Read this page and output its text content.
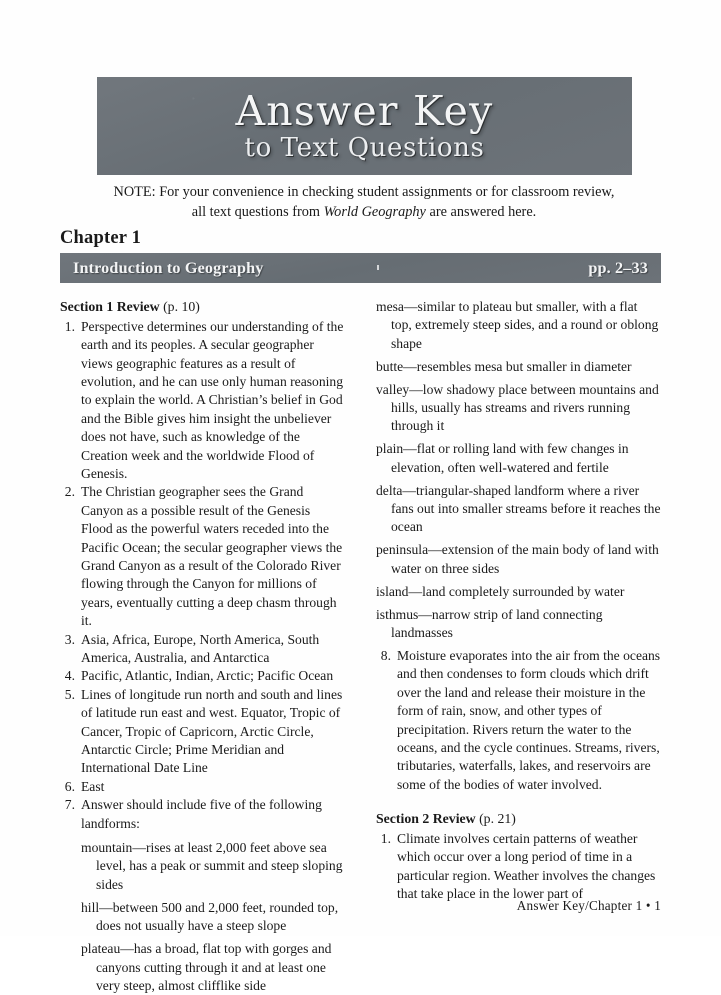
Answer Key
to Text Questions
NOTE: For your convenience in checking student assignments or for classroom review,
all text questions from World Geography are answered here.
Chapter 1
Introduction to Geography	pp. 2–33

Section 1 Review (p. 10)

1. Perspective determines our understanding of the earth and its peoples. A secular geographer views geographic features as a result of evolution, and he can use only human reasoning to explain the world. A Christian’s belief in God and the Bible gives him insight the unbeliever does not have, such as knowledge of the Creation week and the worldwide Flood of Genesis.
2. The Christian geographer sees the Grand Canyon as a possible result of the Genesis Flood as the powerful waters receded into the Pacific Ocean; the secular geographer views the Grand Canyon as a result of the Colorado River flowing through the Canyon for millions of years, eventually cutting a deep chasm through it.
3. Asia, Africa, Europe, North America, South America, Australia, and Antarctica
4. Pacific, Atlantic, Indian, Arctic; Pacific Ocean
5. Lines of longitude run north and south and lines of latitude run east and west. Equator, Tropic of Cancer, Tropic of Capricorn, Arctic Circle, Antarctic Circle; Prime Meridian and International Date Line
6. East
7. Answer should include five of the following landforms:
mountain—rises at least 2,000 feet above sea level, has a peak or summit and steep sloping sides
hill—between 500 and 2,000 feet, rounded top, does not usually have a steep slope
plateau—has a broad, flat top with gorges and canyons cutting through it and at least one very steep, almost clifflike side
mesa—similar to plateau but smaller, with a flat top, extremely steep sides, and a round or oblong shape
butte—resembles mesa but smaller in diameter
valley—low shadowy place between mountains and hills, usually has streams and rivers running through it
plain—flat or rolling land with few changes in elevation, often well-watered and fertile
delta—triangular-shaped landform where a river fans out into smaller streams before it reaches the ocean
peninsula—extension of the main body of land with water on three sides
island—land completely surrounded by water
isthmus—narrow strip of land connecting landmasses
8. Moisture evaporates into the air from the oceans and then condenses to form clouds which drift over the land and release their moisture in the form of rain, snow, and other types of precipitation. Rivers return the water to the oceans, and the cycle continues. Streams, rivers, tributaries, waterfalls, lakes, and reservoirs are some of the bodies of water involved.

Section 2 Review (p. 21)

1. Climate involves certain patterns of weather which occur over a long period of time in a particular region. Weather involves the changes that take place in the lower part of
Answer Key/Chapter 1 • 1
